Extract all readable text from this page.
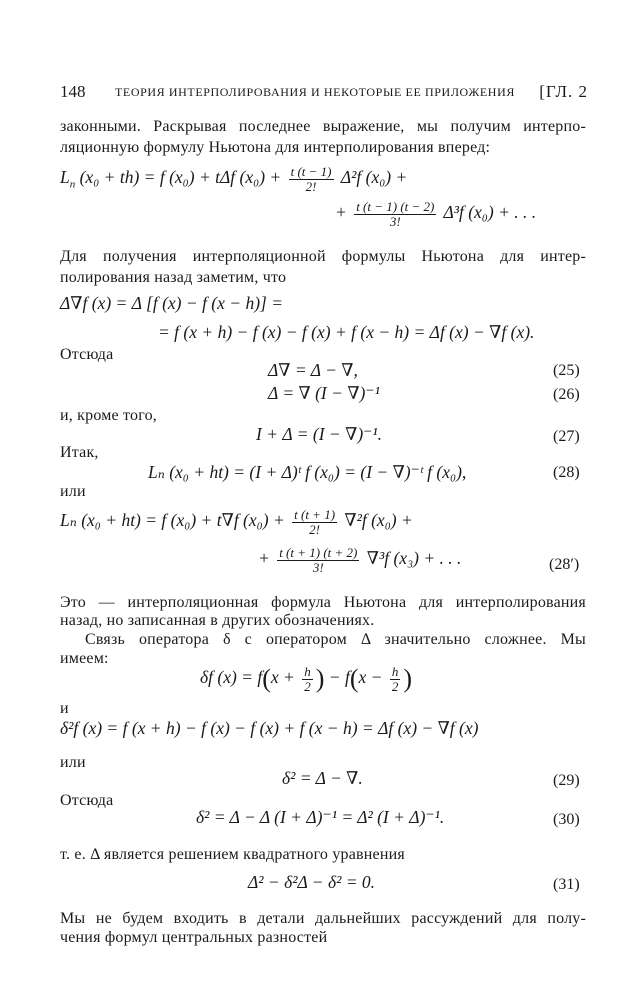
148 ТЕОРИЯ ИНТЕРПОЛИРОВАНИЯ И НЕКОТОРЫЕ ЕЕ ПРИЛОЖЕНИЯ [ГЛ. 2
законными. Раскрывая последнее выражение, мы получим интерпо-
ляционную формулу Ньютона для интерполирования вперед:
$L_n$ (x₀ + th) = f (x₀) + tΔf $(x_0) + \frac{t (t - 1)}{2!} \Delta^2f$ (x₀) +
+ $\frac{t (t - 1) (t - 2)}{3!} \Delta^3f$ (x₀) + . . .
Для получения интерполяционной формулы Ньютона для интер-
полирования назад заметим, что
Δ∇f (x) = Δ [f (x) − f (x − h)] =
= f (x + h) − f (x) − f (x) + f (x − h) = Δf (x) − ∇f (x).
Отсюда
Δ∇ = Δ − ∇,	(25)
Δ = ∇ (I − ∇)⁻¹	(26)
и, кроме того,
I + Δ = (I − ∇)⁻¹.	(27)
Итак,
Lₙ (x₀ + ht) = (I + Δ)ᵗ f (x₀) = (I − ∇)⁻ᵗ f (x₀),	(28)
или
Lₙ (x₀ + ht) = f (x₀) + t∇f $(x_0) + \frac{t (t + 1)}{2!} \nabla^2f$ (x₀) +
+ $\frac{t (t + 1) (t + 2)}{3!} \nabla^3f$ (x₃) + . . .	(28′)
Это — интерполяционная формула Ньютона для интерполирования
назад, но записанная в других обозначениях.
Связь оператора δ с оператором Δ значительно сложнее. Мы
имеем:
δf $(x) = f(x + \frac{h}{2}$ ) − $f(x - \frac{h}{2}$ )
и
δ²f (x) = f (x + h) − f (x) − f (x) + f (x − h) = Δf (x) − ∇f (x)
или
δ² = Δ − ∇.	(29)
Отсюда
δ² = Δ − Δ (I + Δ)⁻¹ = Δ² (I + Δ)⁻¹.	(30)
т. е. Δ является решением квадратного уравнения
Δ² − δ²Δ − δ² = 0.	(31)
Мы не будем входить в детали дальнейших рассуждений для полу-
чения формул центральных разностей
